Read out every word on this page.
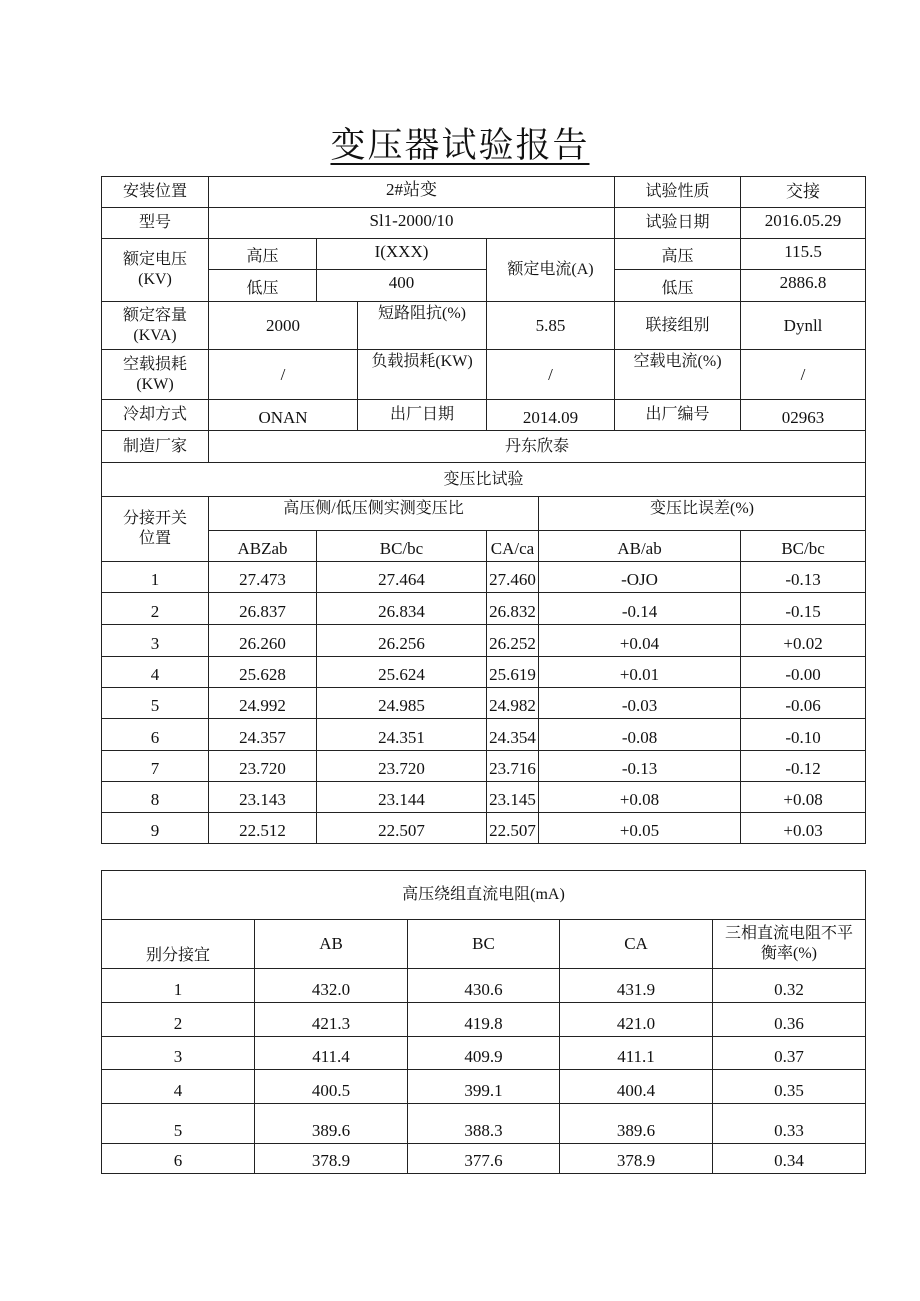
变压器试验报告
安装位置	2#站变					试验性质	交接	
型号	Sl1-2000/10					试验日期	2016.05.29	
额定电压
(KV)	高压	I(XXX)		额定电流(A)		高压	115.5	
	低压	400				低压	2886.8	
额定容量
(KVA)	2000		短路阻抗(%)	5.85		联接组别	Dynll	
空载损耗
(KW)	/		负载损耗(KW)	/		空载电流(%)	/	
冷却方式	ONAN		出厂日期	2014.09		出厂编号	02963	
制造厂家	丹东欣泰							
变压比试验								
分接开关
位置	高压侧/低压侧实测变压比				变压比误差(%)			
	ABZab	BC/bc		CA/ca	AB/ab		BC/bc	
1	27.473	27.464		27.460	-OJO		-0.13	
2	26.837	26.834		26.832	-0.14		-0.15	
3	26.260	26.256		26.252	+0.04		+0.02	
4	25.628	25.624		25.619	+0.01		-0.00	
5	24.992	24.985		24.982	-0.03		-0.06	
6	24.357	24.351		24.354	-0.08		-0.10	
7	23.720	23.720		23.716	-0.13		-0.12	
8	23.143	23.144		23.145	+0.08		+0.08	
9	22.512	22.507		22.507	+0.05		+0.03	
高压绕组直流电阻(mA)				
别分接宜	AB	BC	CA	三相直流电阻不平
衡率(%)
1	432.0	430.6	431.9	0.32
2	421.3	419.8	421.0	0.36
3	411.4	409.9	411.1	0.37
4	400.5	399.1	400.4	0.35
5	389.6	388.3	389.6	0.33
6	378.9	377.6	378.9	0.34
